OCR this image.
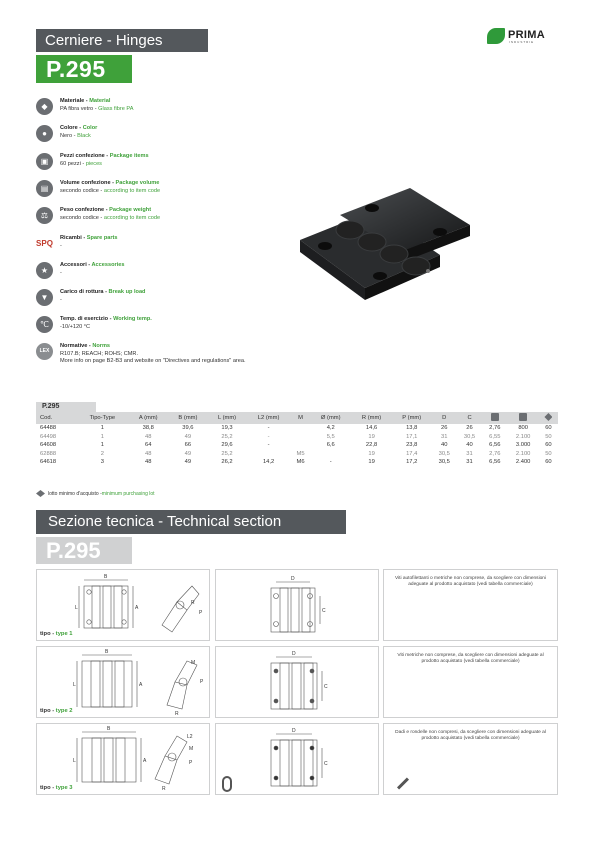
Cerniere - Hinges
P.295
PRIMA
INDUSTRIE
◆
Materiale - Material
PA fibra vetro - Glass fibre PA
●
Colore - Color
Nero - Black
▣
Pezzi confezione - Package items
60 pezzi - pieces
▤
Volume confezione - Package volume
secondo codice - according to item code
⚖
Peso confezione - Package weight
secondo codice - according to item code
SPQ
Ricambi - Spare parts
-
★
Accessori - Accessories
-
▼
Carico di rottura - Break up load
-
℃
Temp. di esercizio - Working temp.
-10/+120 °C
LEX
Normative - Norms
R107.B; REACH; ROHS; CMR.
More info on page B2-B3 and website on "Directives and regulations" area.
P.295
Cod.	Tipo-Type	A (mm)	B (mm)	L (mm)	L2 (mm)	M	Ø (mm)	R (mm)	P (mm)	D	C			
64488	1	38,8	39,6	19,3	-		4,2	14,6	13,8	26	26	2,76	800	60
64498	1	48	49	25,2	-		5,5	19	17,1	31	30,5	6,55	2.100	50
64608	1	64	66	29,6	-		6,6	22,8	23,8	40	40	6,56	3.000	60
62888	2	48	49	25,2		M5		19	17,4	30,5	31	2,76	2.100	50
64618	3	48	49	26,2	14,2	M6	-	19	17,2	30,5	31	6,56	2.400	60
lotto minimo d'acquisto - minimum purchasing lot
Sezione tecnica - Technical section
P.295
B
L	A
R
P
tipo - type 1
D
C
Viti autofilettanti o metriche non comprese, da scegliere con dimensioni adeguate al prodotto acquistato (vedi tabella commerciale)
B
L	A
M
R
P
tipo - type 2
D
C
Viti metriche non comprese, da scegliere con dimensioni adeguate al prodotto acquistato (vedi tabella commerciale)
B
L	A
L2
M
R
P
tipo - type 3
D
C
Dadi e rondelle non compresi, da scegliere con dimensioni adeguate al prodotto acquistato (vedi tabella commerciale)
